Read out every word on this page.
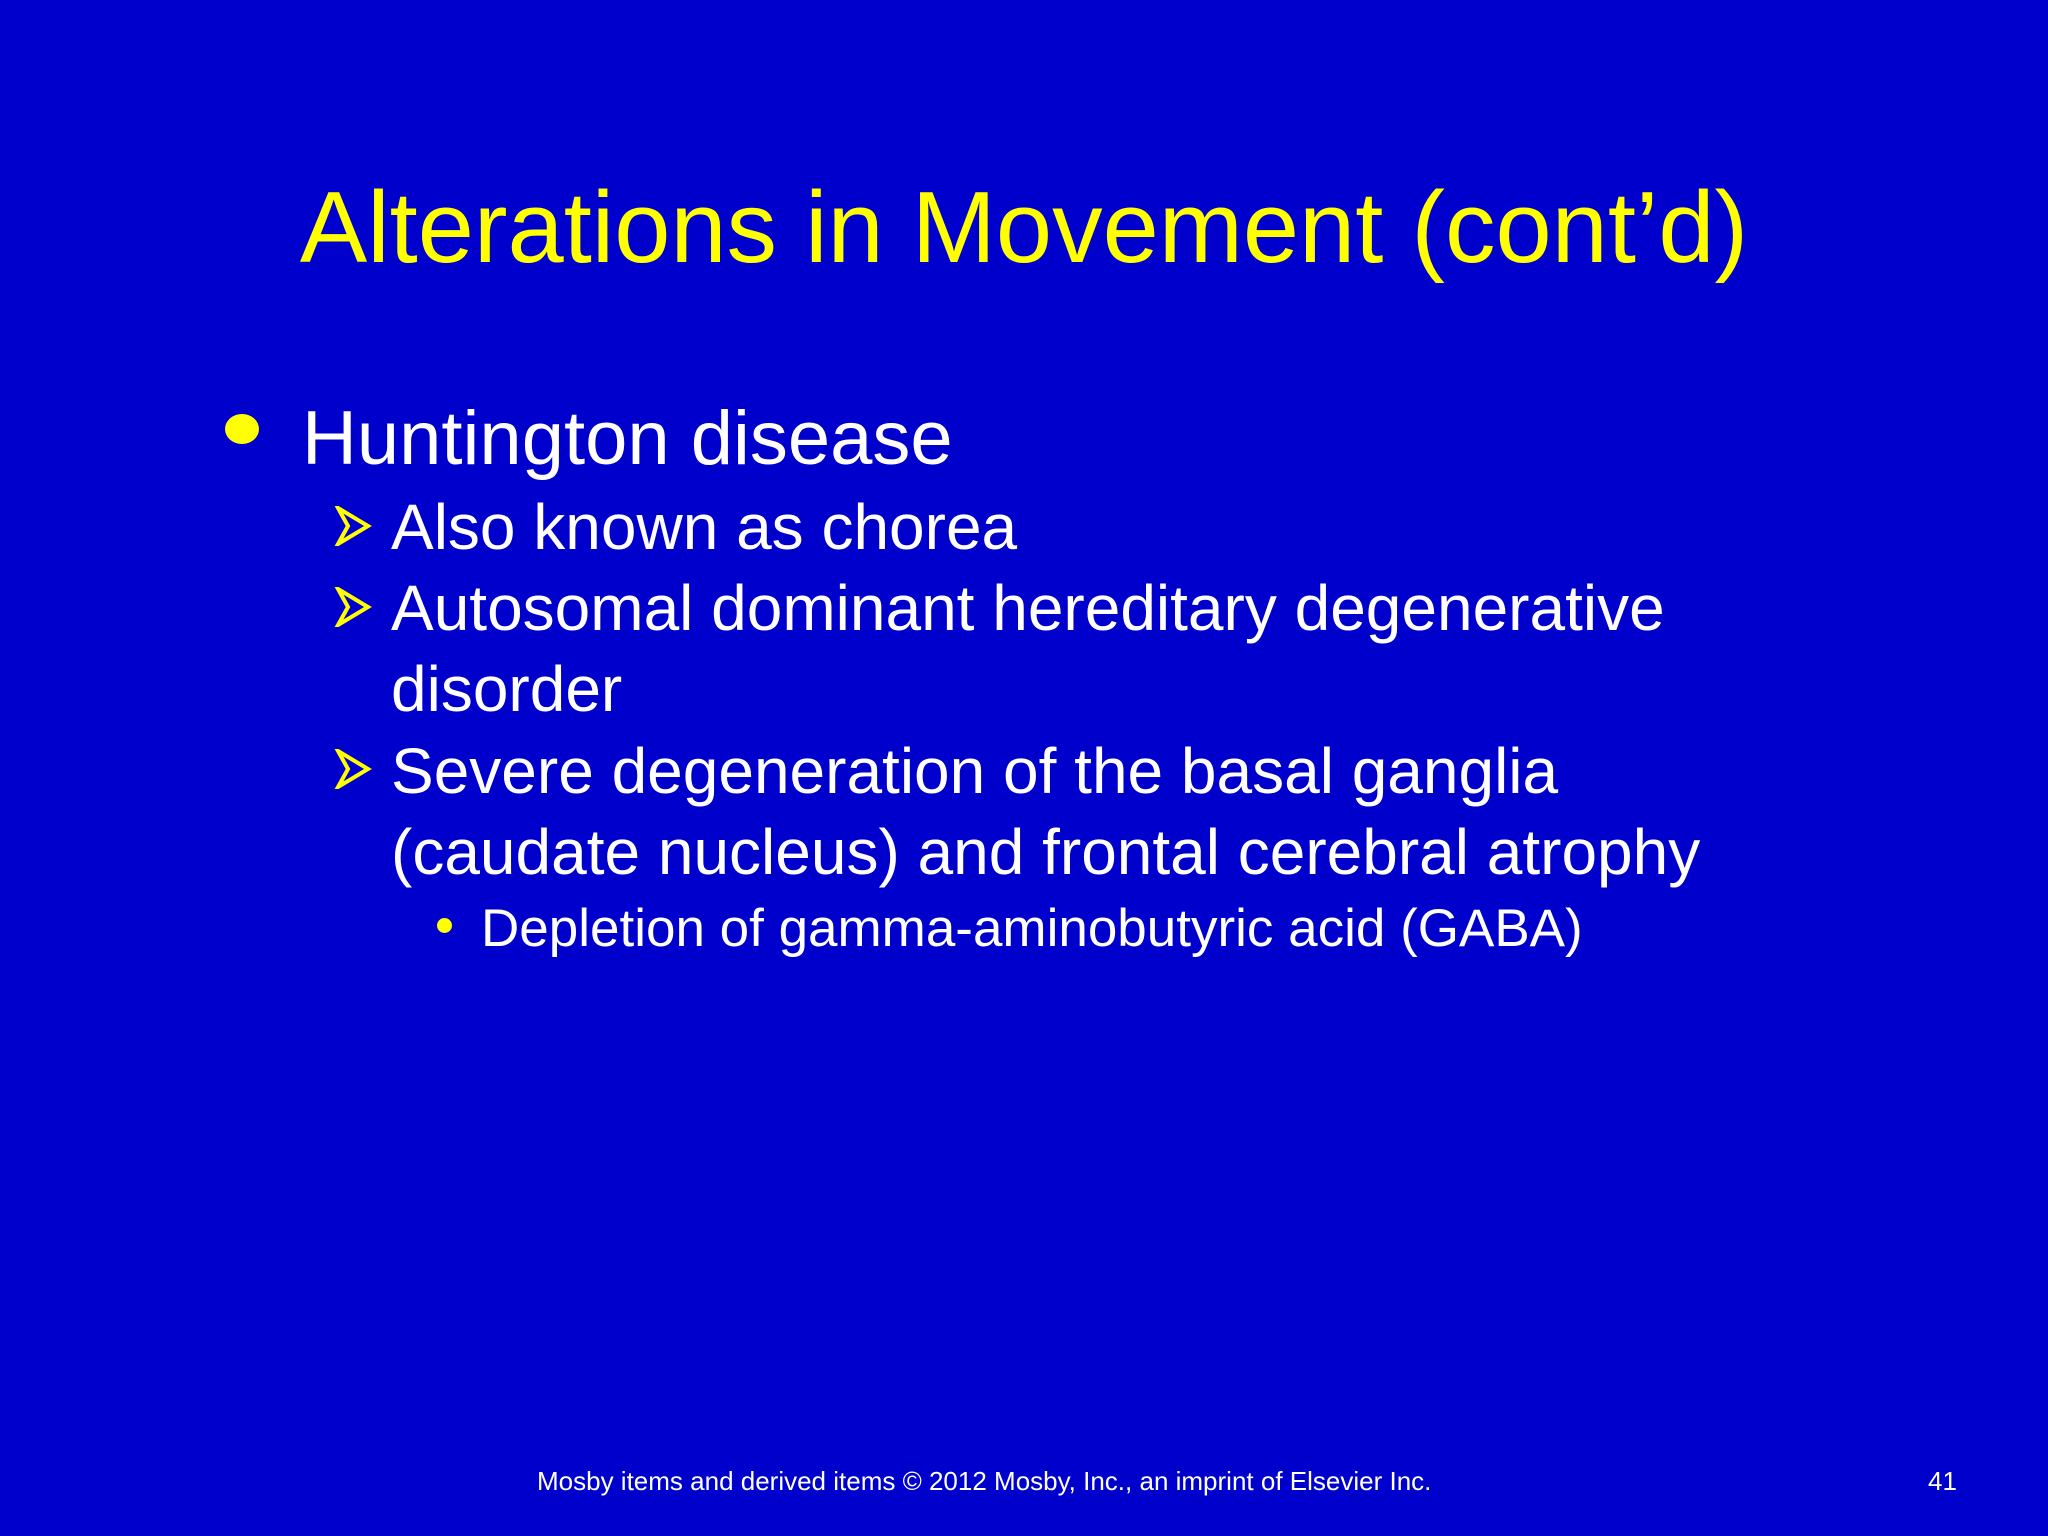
Alterations in Movement (cont’d)
Huntington disease
Also known as chorea
Autosomal dominant hereditary degenerative
disorder
Severe degeneration of the basal ganglia
(caudate nucleus) and frontal cerebral atrophy
Depletion of gamma-aminobutyric acid (GABA)
Mosby items and derived items © 2012 Mosby, Inc., an imprint of Elsevier Inc.	41
